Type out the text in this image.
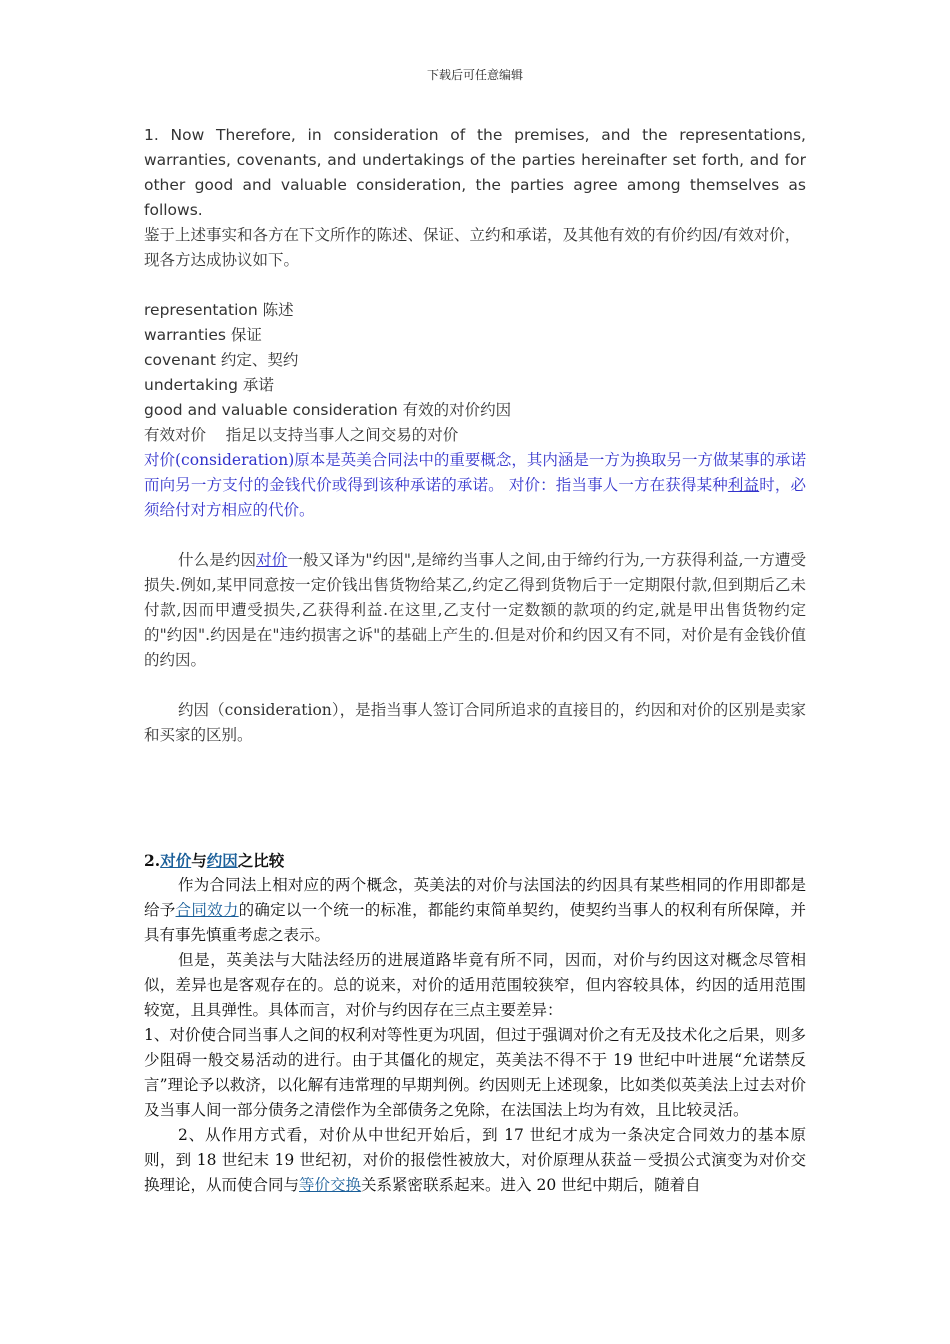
下载后可任意编辑

1. Now Therefore, in consideration of the premises, and the representations, warranties, covenants, and undertakings of the parties hereinafter set forth, and for other good and valuable consideration, the parties agree among themselves as follows.

鉴于上述事实和各方在下文所作的陈述、保证、立约和承诺，及其他有效的有价约因/有效对价，现各方达成协议如下。

representation 陈述

warranties 保证

covenant 约定、契约

undertaking 承诺

good and valuable consideration 有效的对价约因

有效对价    指足以支持当事人之间交易的对价

对价(consideration)原本是英美合同法中的重要概念，其内涵是一方为换取另一方做某事的承诺而向另一方支付的金钱代价或得到该种承诺的承诺。 对价：指当事人一方在获得某种利益时，必须给付对方相应的代价。

什么是约因对价一般又译为"约因",是缔约当事人之间,由于缔约行为,一方获得利益,一方遭受损失.例如,某甲同意按一定价钱出售货物给某乙,约定乙得到货物后于一定期限付款,但到期后乙未付款,因而甲遭受损失,乙获得利益.在这里,乙支付一定数额的款项的约定,就是甲出售货物约定的"约因".约因是在"违约损害之诉"的基础上产生的.但是对价和约因又有不同，对价是有金钱价值的约因。

约因（consideration），是指当事人签订合同所追求的直接目的，约因和对价的区别是卖家和买家的区别。

2.对价与约因之比较

作为合同法上相对应的两个概念，英美法的对价与法国法的约因具有某些相同的作用即都是给予合同效力的确定以一个统一的标准，都能约束简单契约，使契约当事人的权利有所保障，并具有事先慎重考虑之表示。

但是，英美法与大陆法经历的进展道路毕竟有所不同，因而，对价与约因这对概念尽管相似，差异也是客观存在的。总的说来，对价的适用范围较狭窄，但内容较具体，约因的适用范围较宽，且具弹性。具体而言，对价与约因存在三点主要差异：

1、对价使合同当事人之间的权利对等性更为巩固，但过于强调对价之有无及技术化之后果，则多少阻碍一般交易活动的进行。由于其僵化的规定，英美法不得不于 19 世纪中叶进展“允诺禁反言”理论予以救济，以化解有违常理的早期判例。约因则无上述现象，比如类似英美法上过去对价及当事人间一部分债务之清偿作为全部债务之免除，在法国法上均为有效，且比较灵活。

2、从作用方式看，对价从中世纪开始后，到 17 世纪才成为一条决定合同效力的基本原则，到 18 世纪末 19 世纪初，对价的报偿性被放大，对价原理从获益－受损公式演变为对价交换理论，从而使合同与等价交换关系紧密联系起来。进入 20 世纪中期后，随着自
